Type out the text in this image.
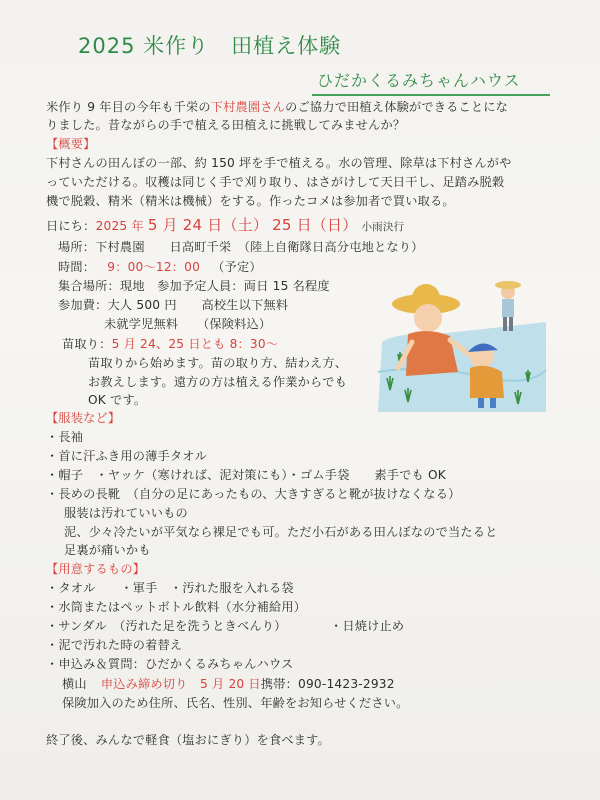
2025 米作り　田植え体験
ひだかくるみちゃんハウス
米作り 9 年目の今年も千栄の下村農園さんのご協力で田植え体験ができることにな
りました。昔ながらの手で植える田植えに挑戦してみませんか？
【概要】
下村さんの田んぼの一部、約 150 坪を手で植える。水の管理、除草は下村さんがや
っていただける。収穫は同じく手で刈り取り、はさがけして天日干し、足踏み脱穀
機で脱穀、精米（精米は機械）をする。作ったコメは参加者で買い取る。
日にち：2025 年 5 月 24 日（土） 25 日（日） 小雨決行
場所：下村農園　　日高町千栄　（陸上自衛隊日高分屯地となり）
時間： 9：00〜12：00 （予定）
集合場所：現地　参加予定人員：両日 15 名程度
参加費：大人 500 円　　高校生以下無料
未就学児無料　　（保険料込）
苗取り：5 月 24、25 日とも 8：30〜
苗取りから始めます。苗の取り方、結わえ方、
お教えします。遠方の方は植える作業からでも
OK です。
【服装など】
・長袖
・首に汗ふき用の薄手タオル
・帽子　・ヤッケ（寒ければ、泥対策にも）・ゴム手袋　　素手でも OK
・長めの長靴　（自分の足にあったもの、大きすぎると靴が抜けなくなる）
服装は汚れていいもの
泥、少々冷たいが平気なら裸足でも可。ただ小石がある田んぼなので当たると
足裏が痛いかも
【用意するもの】
・タオル　　・軍手　・汚れた服を入れる袋
・水筒またはペットボトル飲料（水分補給用）
・サンダル　（汚れた足を洗うときべんり）	・日焼け止め
・泥で汚れた時の着替え
・申込み＆質問：ひだかくるみちゃんハウス
横山 申込み締め切り　5 月 20 日携帯：090-1423-2932
保険加入のため住所、氏名、性別、年齢をお知らせください。
終了後、みんなで軽食（塩おにぎり）を食べます。
